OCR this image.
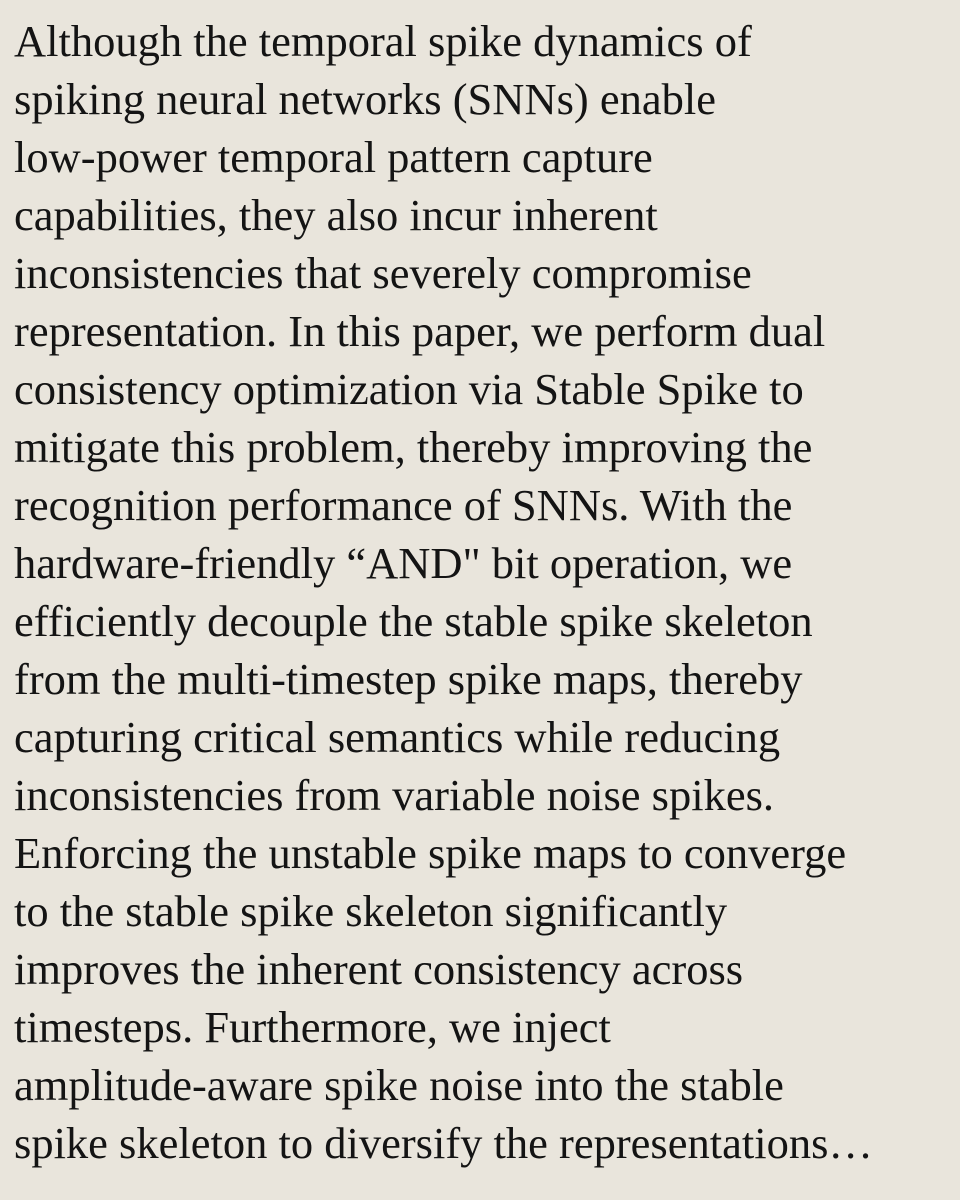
Although the temporal spike dynamics of
spiking neural networks (SNNs) enable
low-power temporal pattern capture
capabilities, they also incur inherent
inconsistencies that severely compromise
representation. In this paper, we perform dual
consistency optimization via Stable Spike to
mitigate this problem, thereby improving the
recognition performance of SNNs. With the
hardware-friendly “AND" bit operation, we
efficiently decouple the stable spike skeleton
from the multi-timestep spike maps, thereby
capturing critical semantics while reducing
inconsistencies from variable noise spikes.
Enforcing the unstable spike maps to converge
to the stable spike skeleton significantly
improves the inherent consistency across
timesteps. Furthermore, we inject
amplitude-aware spike noise into the stable
spike skeleton to diversify the representations…
